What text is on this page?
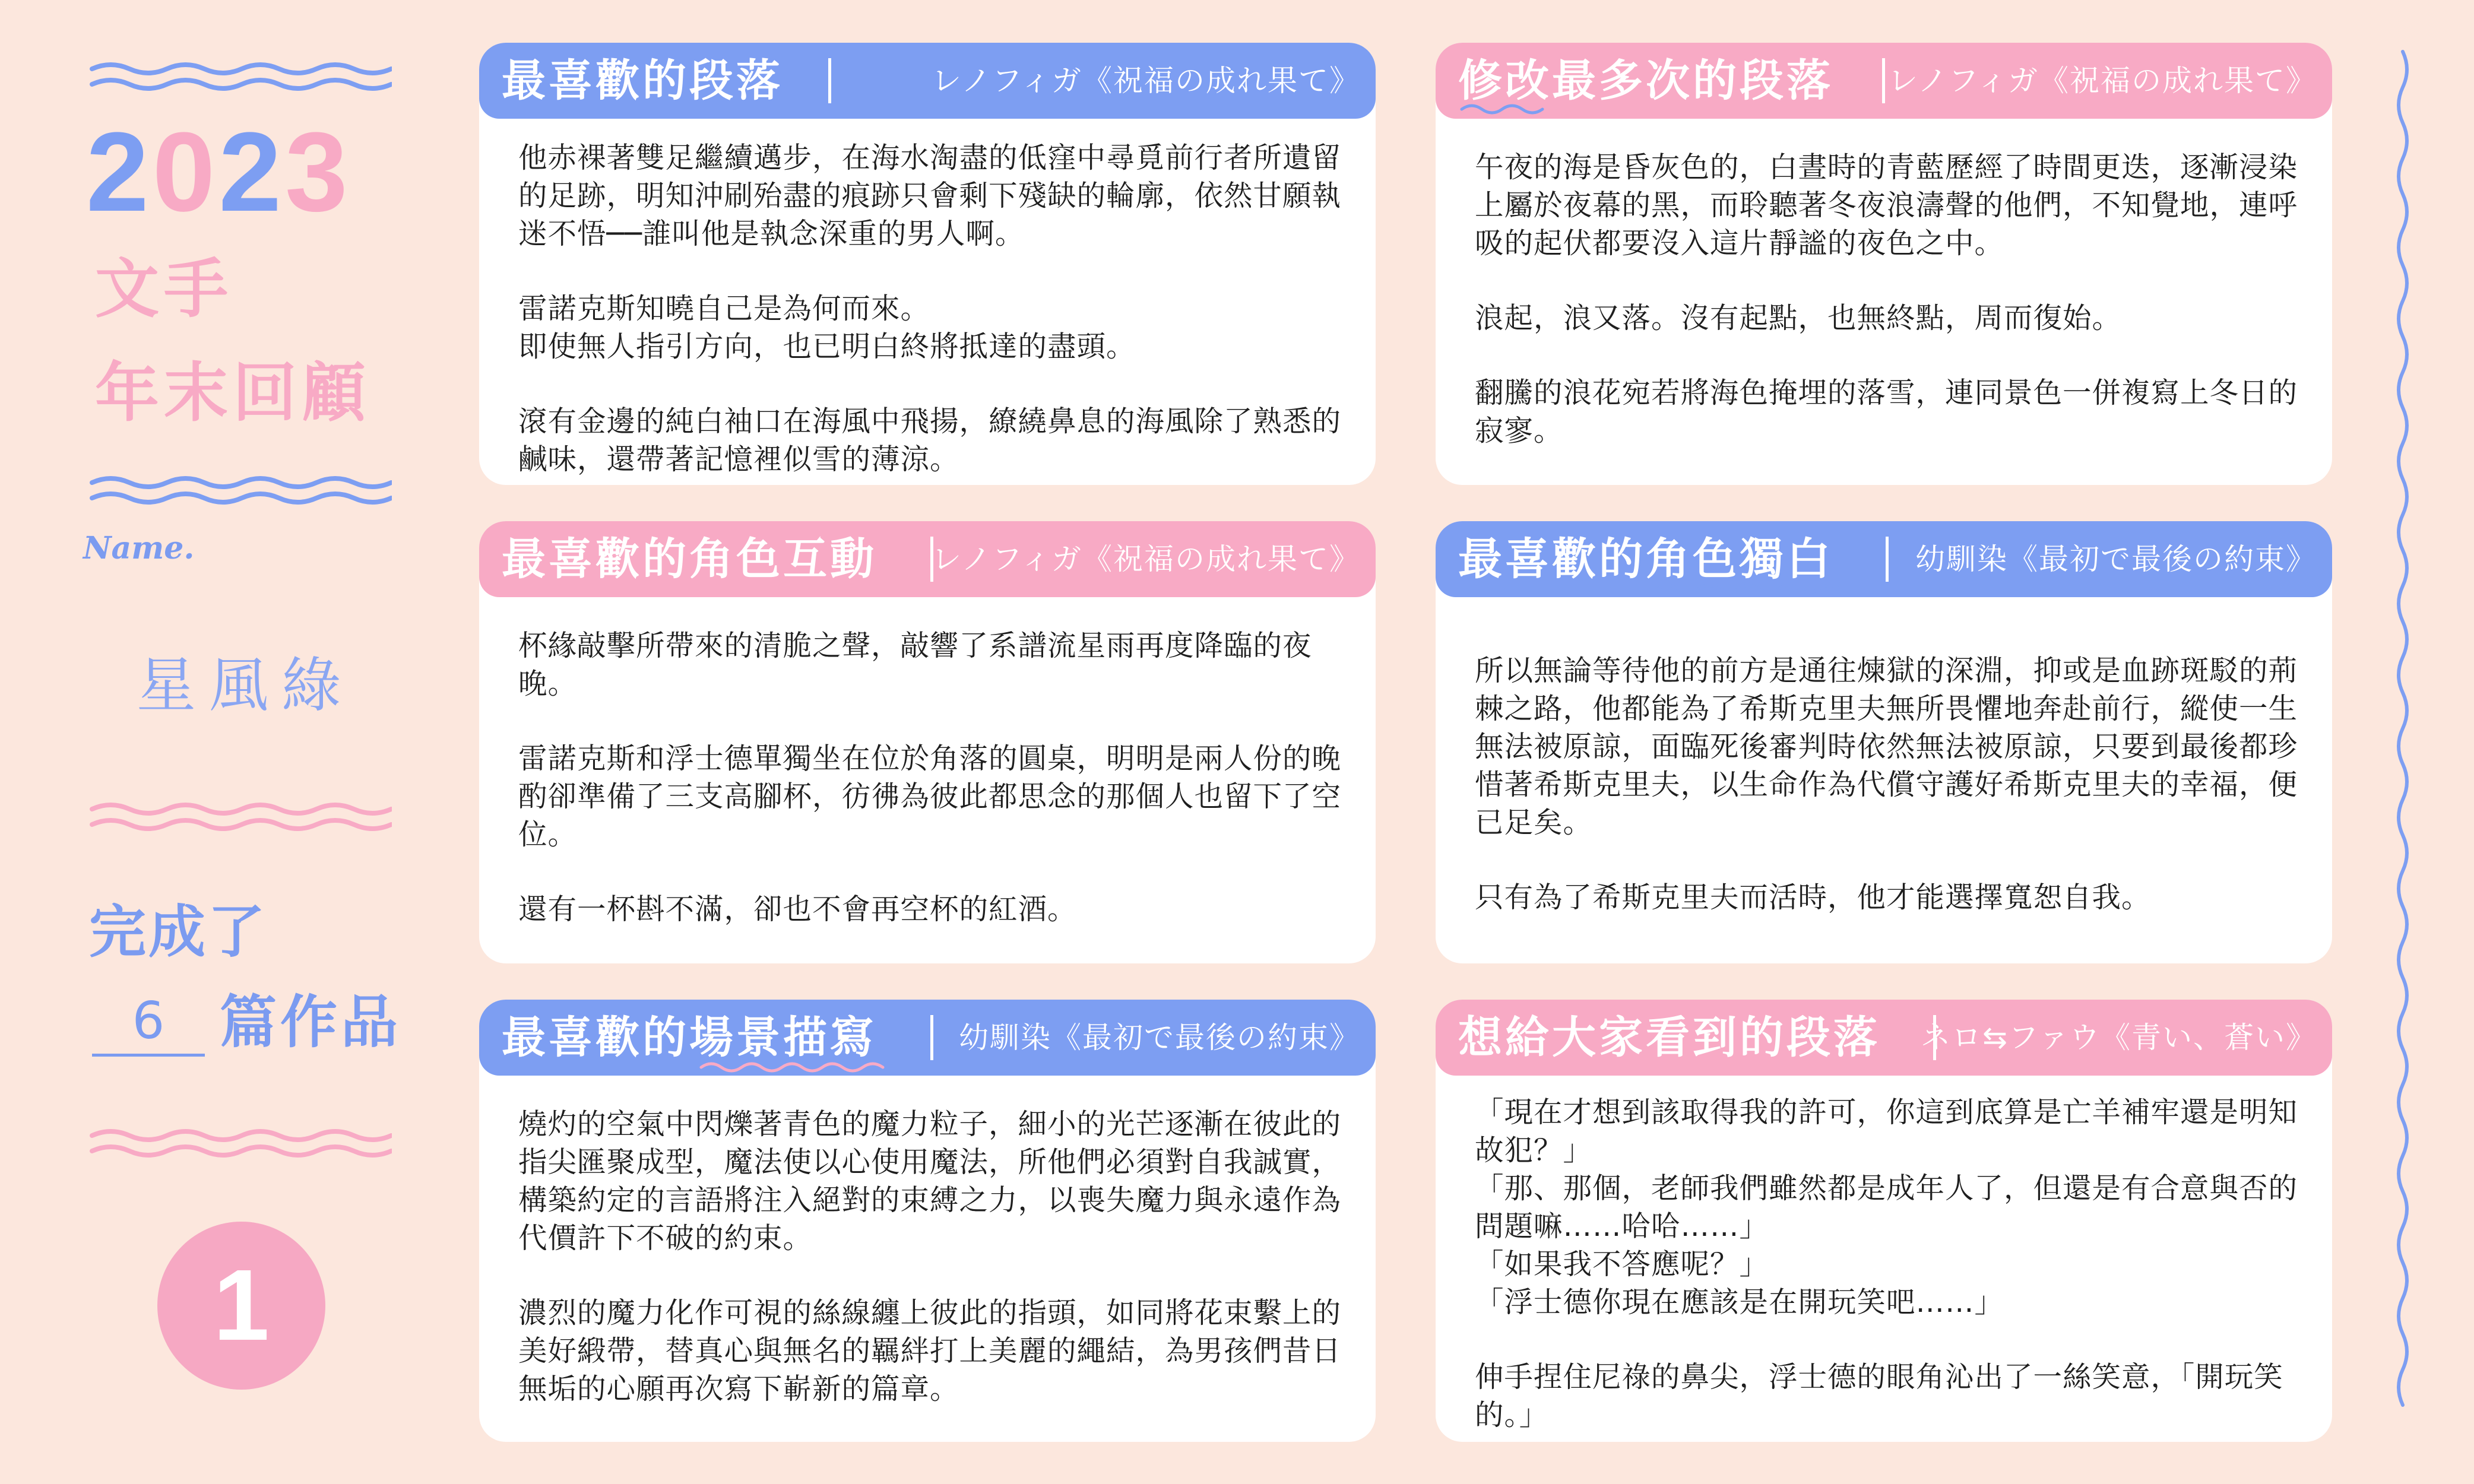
2023
文手
年末回顧
Name.
星風綠
完成了
6 篇作品
1
最喜歡的段落	レノフィガ《祝福の成れ果て》

他赤裸著雙足繼續邁步，在海水淘盡的低窪中尋覓前行者所遺留的足跡，明知沖刷殆盡的痕跡只會剩下殘缺的輪廓，依然甘願執迷不悟──誰叫他是執念深重的男人啊。

雷諾克斯知曉自己是為何而來。
即使無人指引方向，也已明白終將抵達的盡頭。

滾有金邊的純白袖口在海風中飛揚，繚繞鼻息的海風除了熟悉的鹹味，還帶著記憶裡似雪的薄涼。

修改最多次的段落 レノフィガ《祝福の成れ果て》

午夜的海是昏灰色的，白晝時的青藍歷經了時間更迭，逐漸浸染上屬於夜幕的黑，而聆聽著冬夜浪濤聲的他們，不知覺地，連呼吸的起伏都要沒入這片靜謐的夜色之中。

浪起，浪又落。沒有起點，也無終點，周而復始。

翻騰的浪花宛若將海色掩埋的落雪，連同景色一併複寫上冬日的寂寥。

最喜歡的角色互動 レノフィガ《祝福の成れ果て》

杯緣敲擊所帶來的清脆之聲，敲響了系譜流星雨再度降臨的夜晚。

雷諾克斯和浮士德單獨坐在位於角落的圓桌，明明是兩人份的晚酌卻準備了三支高腳杯，彷彿為彼此都思念的那個人也留下了空位。

還有一杯斟不滿，卻也不會再空杯的紅酒。

最喜歡的角色獨白	幼馴染《最初で最後の約束》

所以無論等待他的前方是通往煉獄的深淵，抑或是血跡斑駁的荊棘之路，他都能為了希斯克里夫無所畏懼地奔赴前行，縱使一生無法被原諒，面臨死後審判時依然無法被原諒，只要到最後都珍惜著希斯克里夫，以生命作為代償守護好希斯克里夫的幸福，便已足矣。

只有為了希斯克里夫而活時，他才能選擇寬恕自我。

最喜歡的場景描寫	幼馴染《最初で最後の約束》

燒灼的空氣中閃爍著青色的魔力粒子，細小的光芒逐漸在彼此的指尖匯聚成型，魔法使以心使用魔法，所他們必須對自我誠實，構築約定的言語將注入絕對的束縛之力，以喪失魔力與永遠作為代價許下不破的約束。

濃烈的魔力化作可視的絲線纏上彼此的指頭，如同將花束繫上的美好緞帶，替真心與無名的羈絆打上美麗的繩結，為男孩們昔日無垢的心願再次寫下嶄新的篇章。

想給大家看到的段落 ネロ⇆ファウ《青い、蒼い》

「現在才想到該取得我的許可，你這到底算是亡羊補牢還是明知故犯？」
「那、那個，老師我們雖然都是成年人了，但還是有合意與否的問題嘛……哈哈……」
「如果我不答應呢？」
「浮士德你現在應該是在開玩笑吧……」

伸手捏住尼祿的鼻尖，浮士德的眼角沁出了一絲笑意，「開玩笑的。」
